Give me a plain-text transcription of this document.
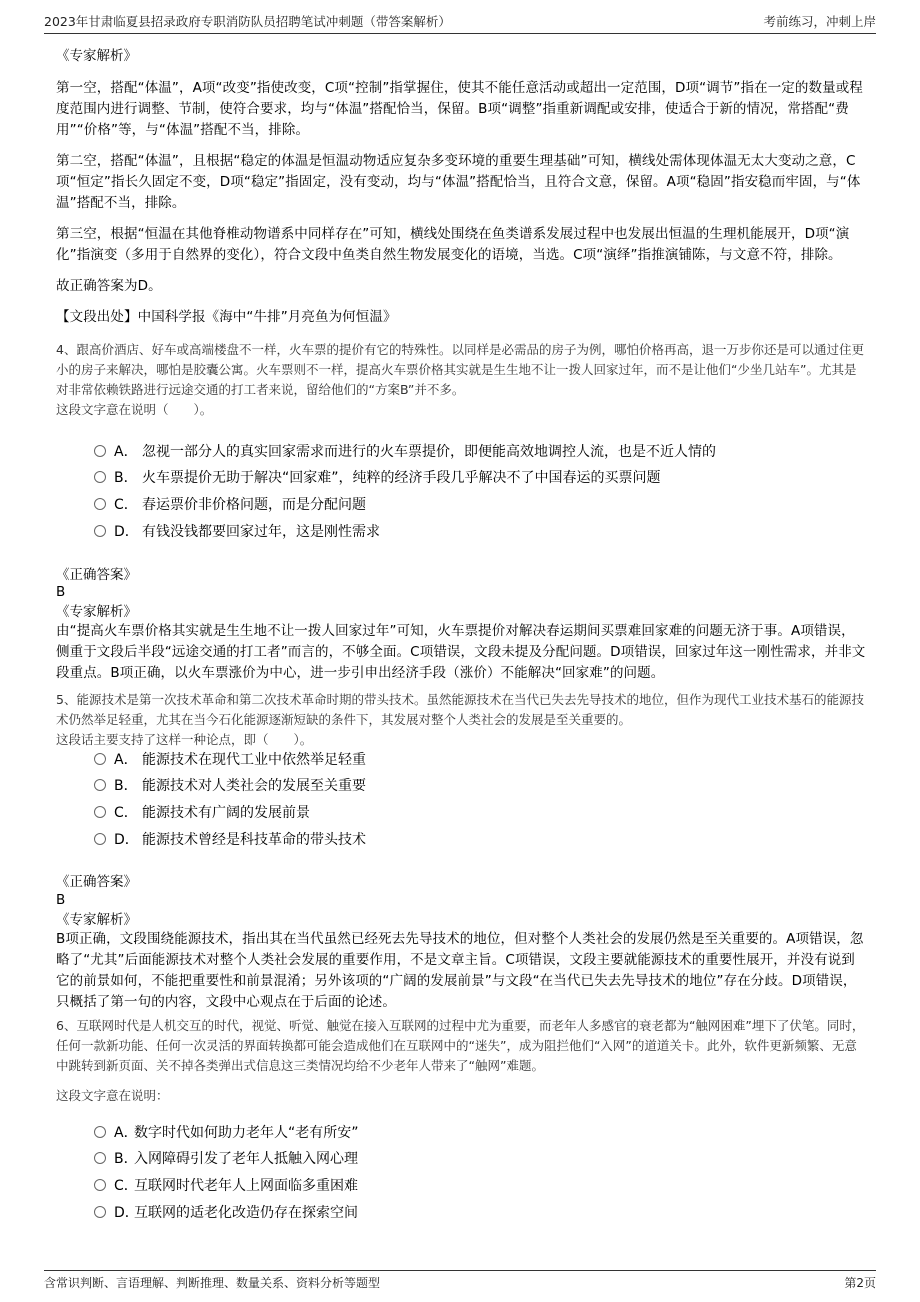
2023年甘肃临夏县招录政府专职消防队员招聘笔试冲刺题（带答案解析）	考前练习，冲刺上岸
《专家解析》

第一空，搭配“体温”，A项“改变”指使改变，C项“控制”指掌握住，使其不能任意活动或超出一定范围，D项“调节”指在一定的数量或程度范围内进行调整、节制，使符合要求，均与“体温”搭配恰当，保留。B项“调整”指重新调配或安排，使适合于新的情况，常搭配“费用”“价格”等，与“体温”搭配不当，排除。

第二空，搭配“体温”，且根据“稳定的体温是恒温动物适应复杂多变环境的重要生理基础”可知，横线处需体现体温无太大变动之意，C项“恒定”指长久固定不变，D项“稳定”指固定，没有变动，均与“体温”搭配恰当，且符合文意，保留。A项“稳固”指安稳而牢固，与“体温”搭配不当，排除。

第三空，根据“恒温在其他脊椎动物谱系中同样存在”可知，横线处围绕在鱼类谱系发展过程中也发展出恒温的生理机能展开，D项“演化”指演变（多用于自然界的变化），符合文段中鱼类自然生物发展变化的语境，当选。C项“演绎”指推演铺陈，与文意不符，排除。

故正确答案为D。

【文段出处】中国科学报《海中“牛排”月亮鱼为何恒温》

4、跟高价酒店、好车或高端楼盘不一样，火车票的提价有它的特殊性。以同样是必需品的房子为例，哪怕价格再高，退一万步你还是可以通过住更小的房子来解决，哪怕是胶囊公寓。火车票则不一样，提高火车票价格其实就是生生地不让一拨人回家过年，而不是让他们“少坐几站车”。尤其是对非常依赖铁路进行远途交通的打工者来说，留给他们的“方案B”并不多。

这段文字意在说明（　　）。

A． 忽视一部分人的真实回家需求而进行的火车票提价，即便能高效地调控人流，也是不近人情的
B． 火车票提价无助于解决“回家难”，纯粹的经济手段几乎解决不了中国春运的买票问题
C． 春运票价非价格问题，而是分配问题
D． 有钱没钱都要回家过年，这是刚性需求
《正确答案》
B
《专家解析》

由“提高火车票价格其实就是生生地不让一拨人回家过年”可知，火车票提价对解决春运期间买票难回家难的问题无济于事。A项错误，侧重于文段后半段“远途交通的打工者”而言的，不够全面。C项错误，文段未提及分配问题。D项错误，回家过年这一刚性需求，并非文段重点。B项正确，以火车票涨价为中心，进一步引申出经济手段（涨价）不能解决“回家难”的问题。

5、能源技术是第一次技术革命和第二次技术革命时期的带头技术。虽然能源技术在当代已失去先导技术的地位，但作为现代工业技术基石的能源技术仍然举足轻重，尤其在当今石化能源逐渐短缺的条件下，其发展对整个人类社会的发展是至关重要的。

这段话主要支持了这样一种论点，即（　　）。

A． 能源技术在现代工业中依然举足轻重
B． 能源技术对人类社会的发展至关重要
C． 能源技术有广阔的发展前景
D． 能源技术曾经是科技革命的带头技术
《正确答案》
B
《专家解析》

B项正确，文段围绕能源技术，指出其在当代虽然已经死去先导技术的地位，但对整个人类社会的发展仍然是至关重要的。A项错误，忽略了“尤其”后面能源技术对整个人类社会发展的重要作用，不是文章主旨。C项错误，文段主要就能源技术的重要性展开，并没有说到它的前景如何，不能把重要性和前景混淆；另外该项的“广阔的发展前景”与文段“在当代已失去先导技术的地位”存在分歧。D项错误，只概括了第一句的内容，文段中心观点在于后面的论述。

6、互联网时代是人机交互的时代，视觉、听觉、触觉在接入互联网的过程中尤为重要，而老年人多感官的衰老都为“触网困难”埋下了伏笔。同时，任何一款新功能、任何一次灵活的界面转换都可能会造成他们在互联网中的“迷失”，成为阻拦他们“入网”的道道关卡。此外，软件更新频繁、无意中跳转到新页面、关不掉各类弹出式信息这三类情况均给不少老年人带来了“触网”难题。

这段文字意在说明：

A．数字时代如何助力老年人“老有所安”
B．入网障碍引发了老年人抵触入网心理
C．互联网时代老年人上网面临多重困难
D．互联网的适老化改造仍存在探索空间
含常识判断、言语理解、判断推理、数量关系、资料分析等题型	第2页
